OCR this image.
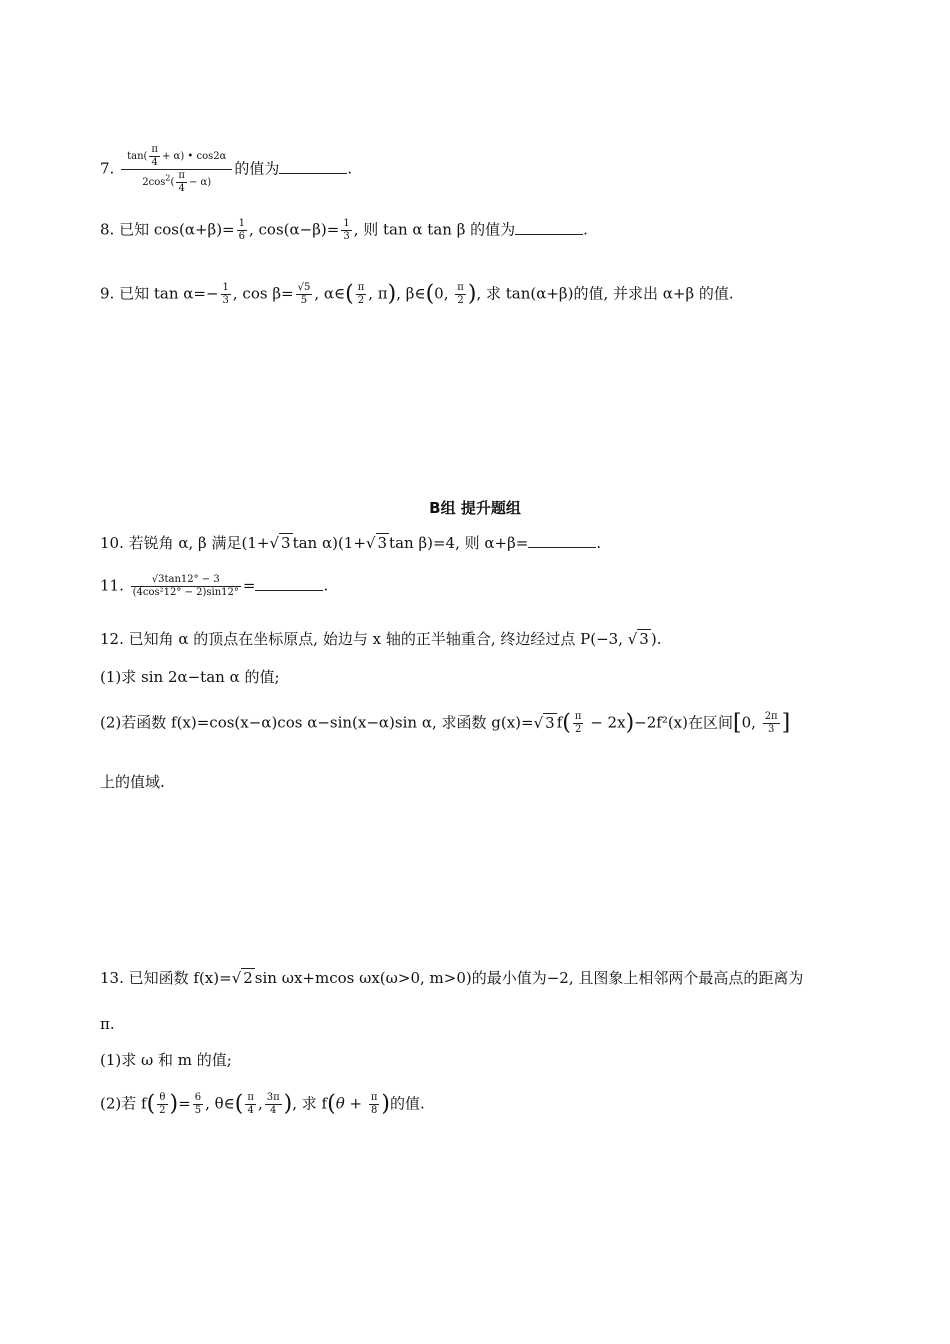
7. $\frac{\tan( \frac{\pi}{4} + \alpha) • \cos 2\alpha}{2\cos^2( \frac{\pi}{4} - \alpha)}$ 的值为	.
8. 已知 $\cos(\alpha+\beta)= \frac{1}{6}$ , $\cos(\alpha-\beta)= \frac{1}{3}$ , 则 tan α tan β 的值为	.
9. 已知 $\tan \alpha=- \frac{1}{3}$ , $\cos \beta= \frac{√5}{5}$ , α∈( $\frac{\pi}{2}$ , π), β∈(0, $\frac{\pi}{2}$ ), 求 tan(α+β)的值, 并求出 α+β 的值.
B组 提升题组
10. 若锐角 α, β 满足(1+√ 3 tan α)(1+√ 3 tan β)=4, 则 α+β=	.
11. $\frac{√3\tan 12^\circ - 3}{\text{(4cos²12° − 2)sin12°}}$ =	.
12. 已知角 α 的顶点在坐标原点, 始边与 x 轴的正半轴重合, 终边经过点 P(−3, √ 3 ).
(1)求 sin 2α−tan α 的值;
(2)若函数 f(x)=cos(x−α)cos α−sin(x−α)sin α, 求函数 g(x)=√ 3 $f( \frac{\pi}{2} - 2x)-2f^2(x)$在区间[0, $\frac{2\pi}{3}$ ]
上的值域.
13. 已知函数 f(x)=√ 2 sin ωx+mcos ωx(ω>0, m>0)的最小值为−2, 且图象上相邻两个最高点的距离为
π.
(1)求 ω 和 m 的值;
(2)若 $f( \frac{\theta}{2}$ )= $\frac{6}{5}$ , θ∈( $\frac{\pi}{4}$ , $\frac{3\pi}{4}$ ), 求 $f(\theta + \frac{\pi}{8}$ )的值.
